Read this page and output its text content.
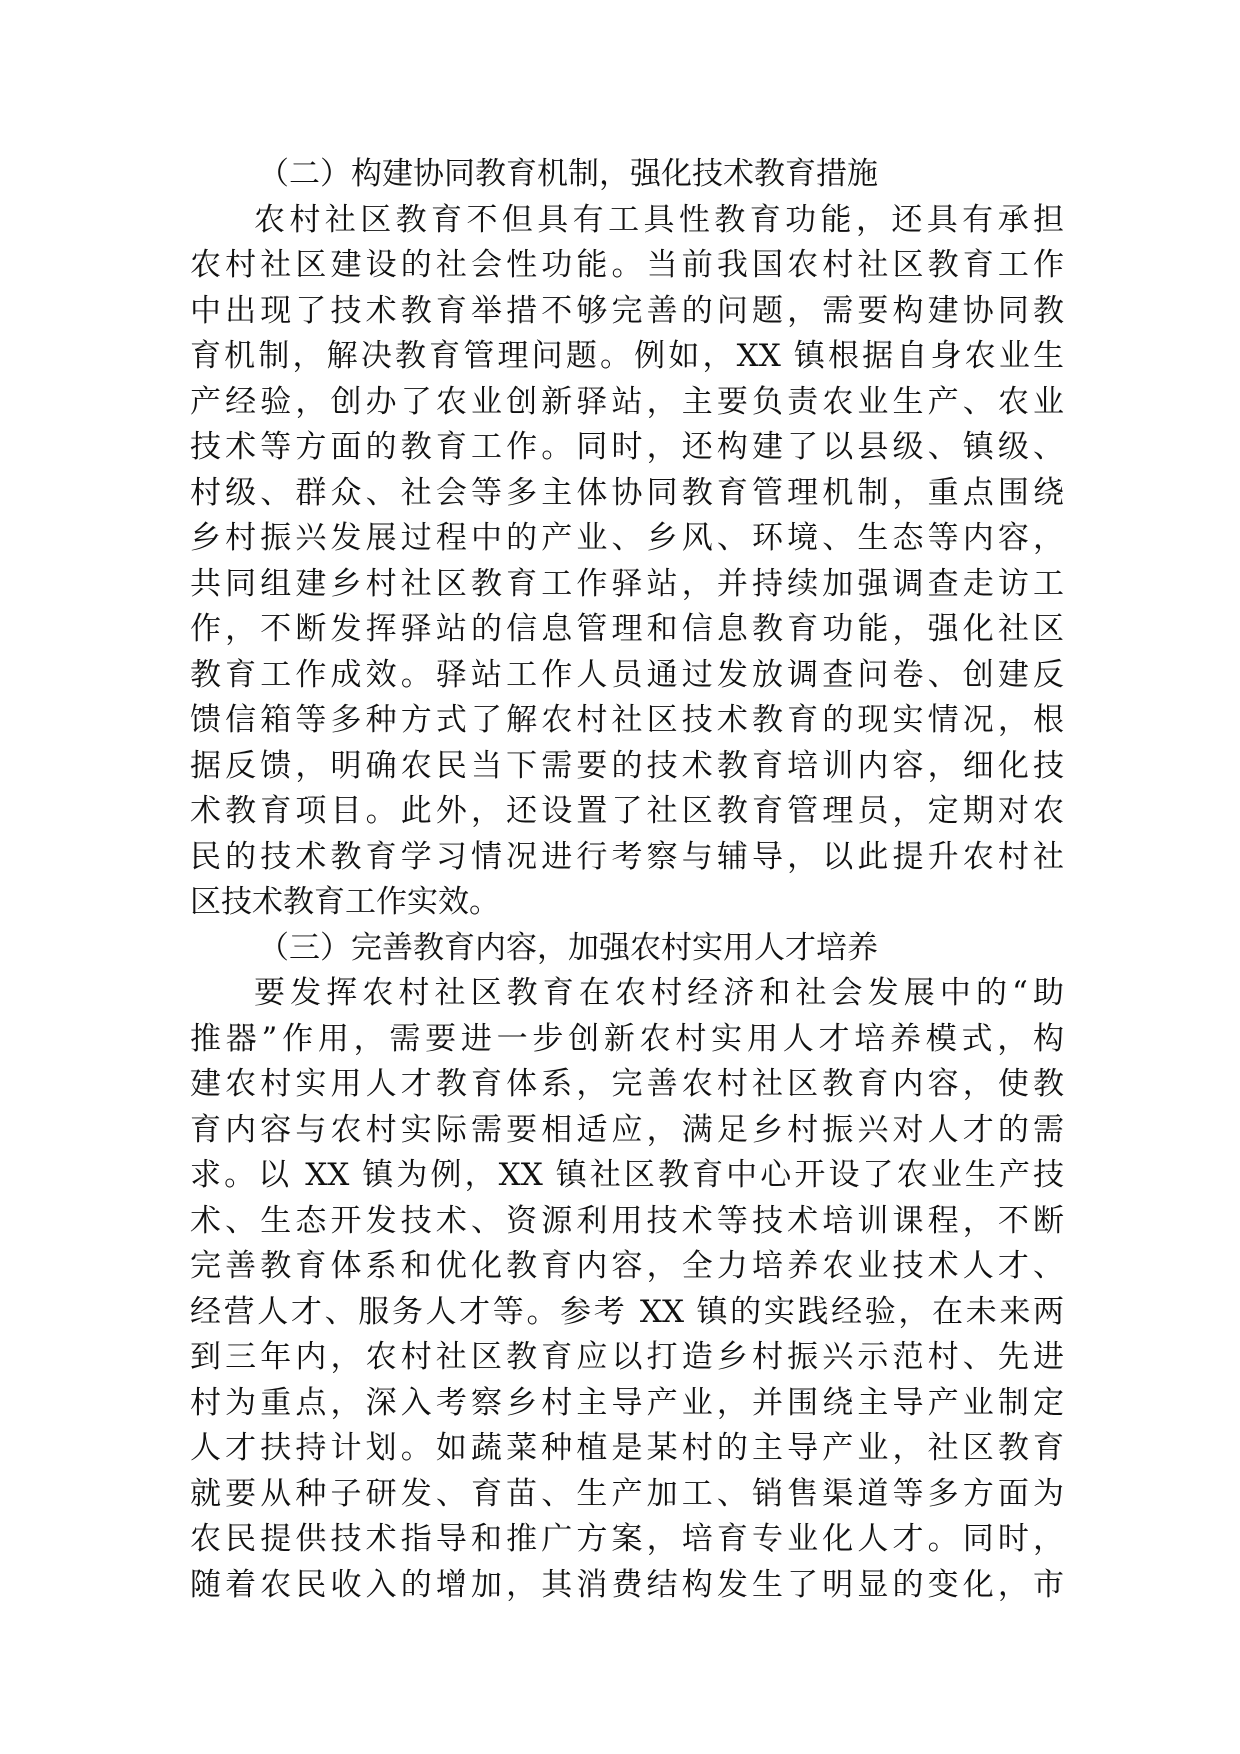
（二）构建协同教育机制，强化技术教育措施
农村社区教育不但具有工具性教育功能，还具有承担
农村社区建设的社会性功能。当前我国农村社区教育工作
中出现了技术教育举措不够完善的问题，需要构建协同教
育机制，解决教育管理问题。例如，XX 镇根据自身农业生
产经验，创办了农业创新驿站，主要负责农业生产、农业
技术等方面的教育工作。同时，还构建了以县级、镇级、
村级、群众、社会等多主体协同教育管理机制，重点围绕
乡村振兴发展过程中的产业、乡风、环境、生态等内容，
共同组建乡村社区教育工作驿站，并持续加强调查走访工
作，不断发挥驿站的信息管理和信息教育功能，强化社区
教育工作成效。驿站工作人员通过发放调查问卷、创建反
馈信箱等多种方式了解农村社区技术教育的现实情况，根
据反馈，明确农民当下需要的技术教育培训内容，细化技
术教育项目。此外，还设置了社区教育管理员，定期对农
民的技术教育学习情况进行考察与辅导，以此提升农村社
区技术教育工作实效。
（三）完善教育内容，加强农村实用人才培养
要发挥农村社区教育在农村经济和社会发展中的“助
推器”作用，需要进一步创新农村实用人才培养模式，构
建农村实用人才教育体系，完善农村社区教育内容，使教
育内容与农村实际需要相适应，满足乡村振兴对人才的需
求。以 XX 镇为例，XX 镇社区教育中心开设了农业生产技
术、生态开发技术、资源利用技术等技术培训课程，不断
完善教育体系和优化教育内容，全力培养农业技术人才、
经营人才、服务人才等。参考 XX 镇的实践经验，在未来两
到三年内，农村社区教育应以打造乡村振兴示范村、先进
村为重点，深入考察乡村主导产业，并围绕主导产业制定
人才扶持计划。如蔬菜种植是某村的主导产业，社区教育
就要从种子研发、育苗、生产加工、销售渠道等多方面为
农民提供技术指导和推广方案，培育专业化人才。同时，
随着农民收入的增加，其消费结构发生了明显的变化，市
